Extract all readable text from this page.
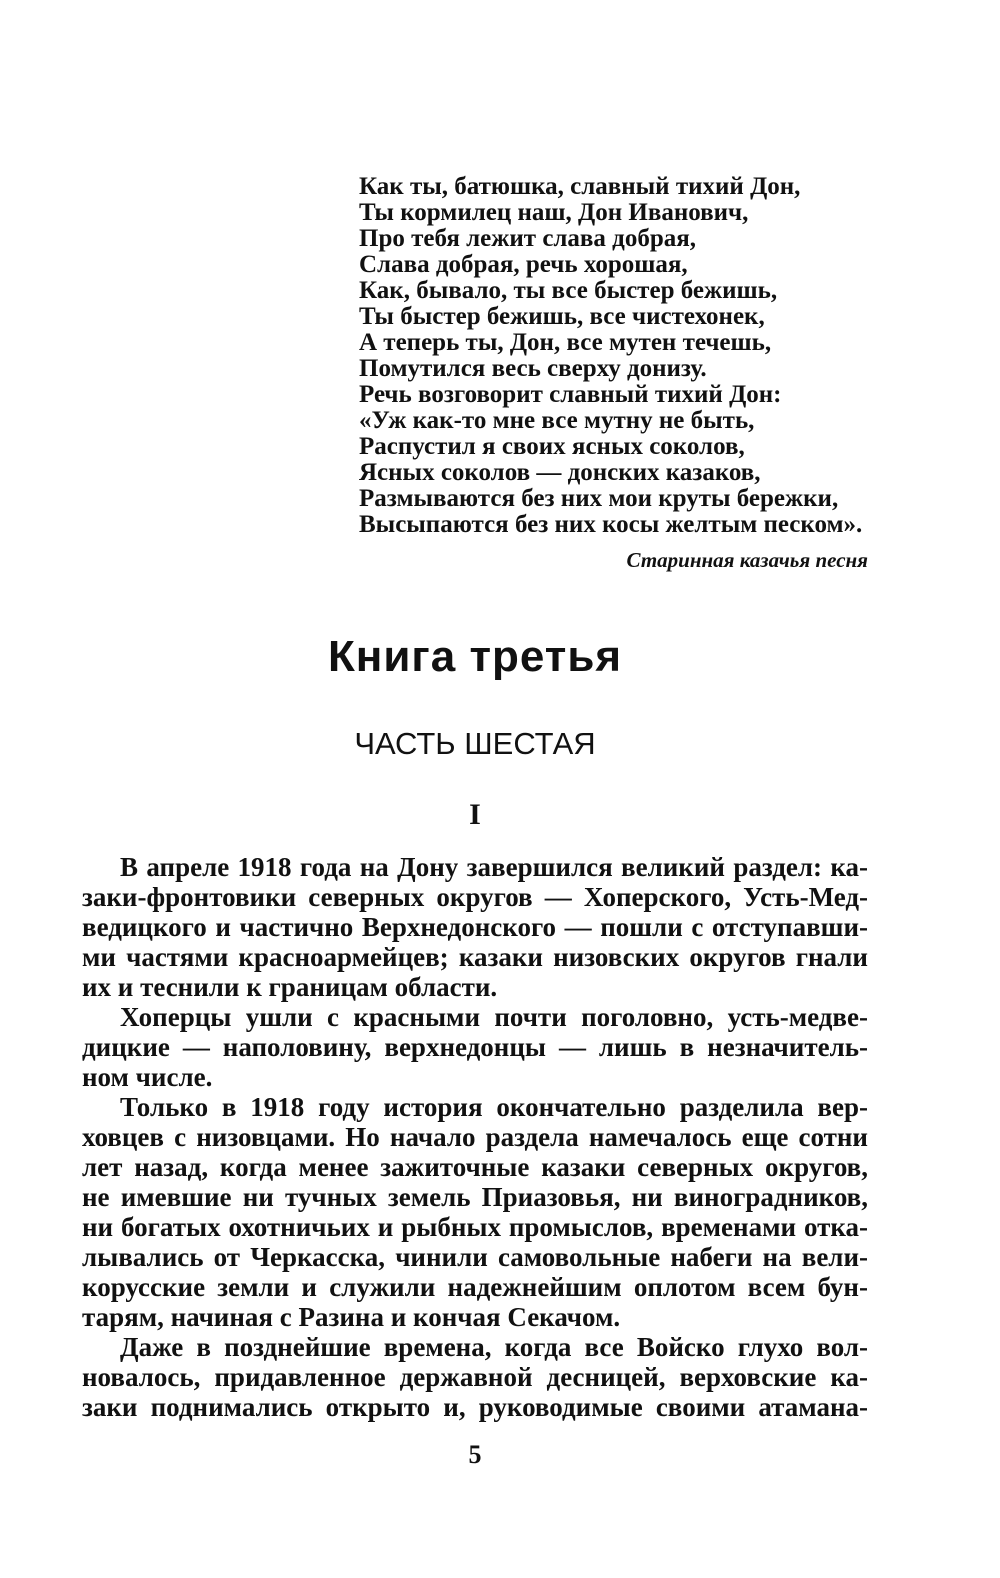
Как ты, батюшка, славный тихий Дон,
Ты кормилец наш, Дон Иванович,
Про тебя лежит слава добрая,
Слава добрая, речь хорошая,
Как, бывало, ты все быстер бежишь,
Ты быстер бежишь, все чистехонек,
А теперь ты, Дон, все мутен течешь,
Помутился весь сверху донизу.
Речь возговорит славный тихий Дон:
«Уж как-то мне все мутну не быть,
Распустил я своих ясных соколов,
Ясных соколов — донских казаков,
Размываются без них мои круты бережки,
Высыпаются без них косы желтым песком».
Старинная казачья песня
Книга третья
ЧАСТЬ ШЕСТАЯ
I
В апреле 1918 года на Дону завершился великий раздел: ка-
заки-фронтовики северных округов — Хоперского, Усть-Мед-
ведицкого и частично Верхнедонского — пошли с отступавши-
ми частями красноармейцев; казаки низовских округов гнали
их и теснили к границам области.
Хоперцы ушли с красными почти поголовно, усть-медве-
дицкие — наполовину, верхнедонцы — лишь в незначитель-
ном числе.
Только в 1918 году история окончательно разделила вер-
ховцев с низовцами. Но начало раздела намечалось еще сотни
лет назад, когда менее зажиточные казаки северных округов,
не имевшие ни тучных земель Приазовья, ни виноградников,
ни богатых охотничьих и рыбных промыслов, временами отка-
лывались от Черкасска, чинили самовольные набеги на вели-
корусские земли и служили надежнейшим оплотом всем бун-
тарям, начиная с Разина и кончая Секачом.
Даже в позднейшие времена, когда все Войско глухо вол-
новалось, придавленное державной десницей, верховские ка-
заки поднимались открыто и, руководимые своими атамана-
5
